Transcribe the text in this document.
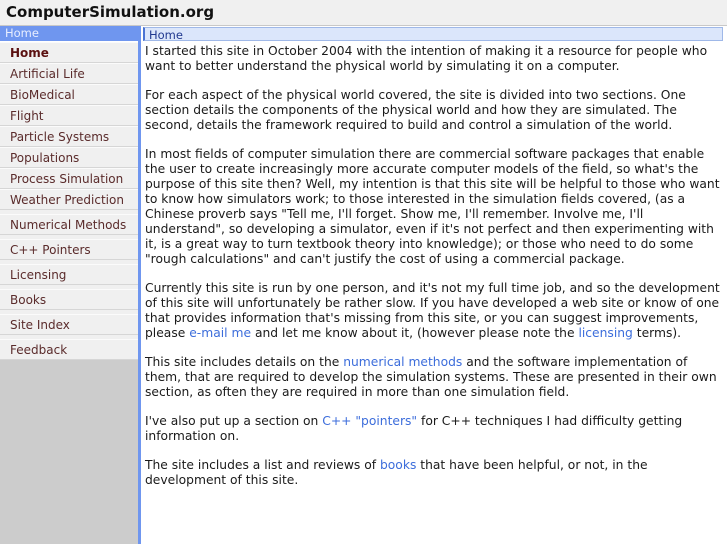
ComputerSimulation.org
Home
Home
Artificial Life
BioMedical
Flight
Particle Systems
Populations
Process Simulation
Weather Prediction
Numerical Methods
C++ Pointers
Licensing
Books
Site Index
Feedback
Home

I started this site in October 2004 with the intention of making it a resource for people who want to better understand the physical world by simulating it on a computer.

For each aspect of the physical world covered, the site is divided into two sections. One section details the components of the physical world and how they are simulated. The second, details the framework required to build and control a simulation of the world.

In most fields of computer simulation there are commercial software packages that enable the user to create increasingly more accurate computer models of the field, so what's the purpose of this site then? Well, my intention is that this site will be helpful to those who want to know how simulators work; to those interested in the simulation fields covered, (as a Chinese proverb says "Tell me, I'll forget. Show me, I'll remember. Involve me, I'll understand", so developing a simulator, even if it's not perfect and then experimenting with it, is a great way to turn textbook theory into knowledge); or those who need to do some "rough calculations" and can't justify the cost of using a commercial package.

Currently this site is run by one person, and it's not my full time job, and so the development of this site will unfortunately be rather slow. If you have developed a web site or know of one that provides information that's missing from this site, or you can suggest improvements, please e-mail me and let me know about it, (however please note the licensing terms).

This site includes details on the numerical methods and the software implementation of them, that are required to develop the simulation systems. These are presented in their own section, as often they are required in more than one simulation field.

I've also put up a section on C++ "pointers" for C++ techniques I had difficulty getting information on.

The site includes a list and reviews of books that have been helpful, or not, in the development of this site.
